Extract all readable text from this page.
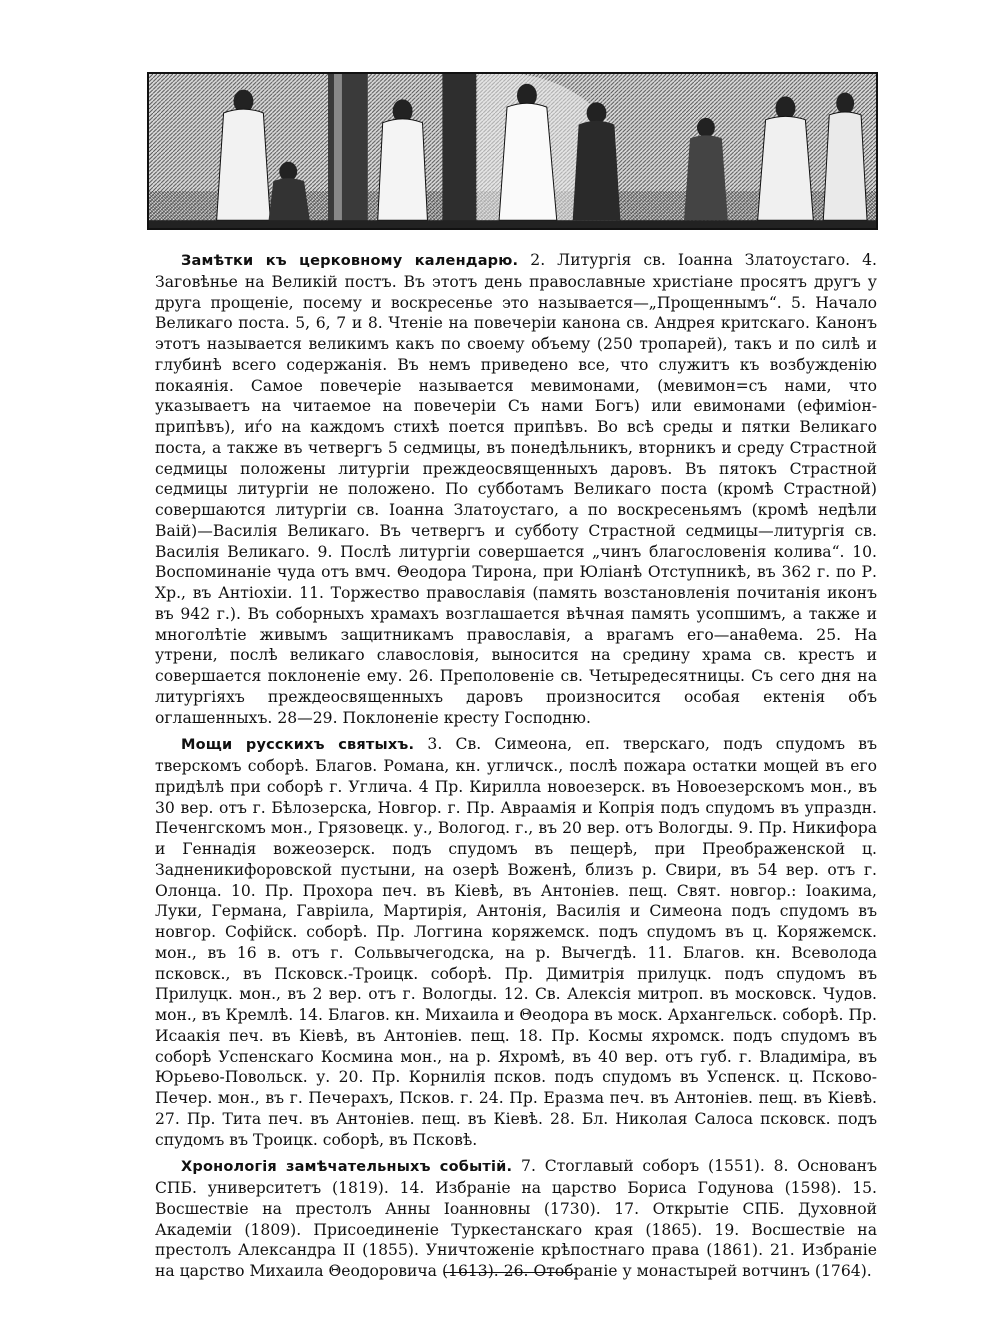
Замѣтки къ церковному календарю. 2. Литургія св. Іоанна Златоустаго. 4. Заговѣнье на Великій постъ. Въ этотъ день православные христіане просятъ другъ у друга прощеніе, посему и воскресенье это называется—„Прощеннымъ“. 5. Начало Великаго поста. 5, 6, 7 и 8. Чтеніе на повечеріи канона св. Андрея критскаго. Канонъ этотъ называется великимъ какъ по своему объему (250 тропарей), такъ и по силѣ и глубинѣ всего содержанія. Въ немъ приведено все, что служитъ къ возбужденію покаянія. Самое повечеріе называется мевимонами, (мевимон=съ нами, что указываетъ на читаемое на повечеріи Съ нами Богъ) или евимонами (ефиміон-припѣвъ), иѓо на каждомъ стихѣ поется припѣвъ. Во всѣ среды и пятки Великаго поста, а также въ четвергъ 5 седмицы, въ понедѣльникъ, вторникъ и среду Страстной седмицы положены литургіи преждеосвященныхъ даровъ. Въ пятокъ Страстной седмицы литургіи не положено. По субботамъ Великаго поста (кромѣ Страстной) совершаются литургіи св. Іоанна Златоустаго, а по воскресеньямъ (кромѣ недѣли Ваій)—Василія Великаго. Въ четвергъ и субботу Страстной седмицы—литургія св. Василія Великаго. 9. Послѣ литургіи совершается „чинъ благословенія колива“. 10. Воспоминаніе чуда отъ вмч. Θеодора Тирона, при Юліанѣ Отступникѣ, въ 362 г. по Р. Хр., въ Антіохіи. 11. Торжество православія (память возстановленія почитанія иконъ въ 942 г.). Въ соборныхъ храмахъ возглашается вѣчная память усопшимъ, а также и многолѣтіе живымъ защитникамъ православія, а врагамъ его—анаθема. 25. На утрени, послѣ великаго славословія, выносится на средину храма св. крестъ и совершается поклоненіе ему. 26. Преполовеніе св. Четыредесятницы. Съ сего дня на литургіяхъ преждеосвященныхъ даровъ произносится особая ектенія объ оглашенныхъ. 28—29. Поклоненіе кресту Господню.

Мощи русскихъ святыхъ. 3. Св. Симеона, еп. тверскаго, подъ спудомъ въ тверскомъ соборѣ. Благов. Романа, кн. угличск., послѣ пожара остатки мощей въ его придѣлѣ при соборѣ г. Углича. 4 Пр. Кирилла новоезерск. въ Новоезерскомъ мон., въ 30 вер. отъ г. Бѣлозерска, Новгор. г. Пр. Авраамія и Копрія подъ спудомъ въ упраздн. Печенгскомъ мон., Грязовецк. у., Вологод. г., въ 20 вер. отъ Вологды. 9. Пр. Никифора и Геннадія вожеозерск. подъ спудомъ въ пещерѣ, при Преображенской ц. Задненикифоровской пустыни, на озерѣ Воженѣ, близъ р. Свири, въ 54 вер. отъ г. Олонца. 10. Пр. Прохора печ. въ Кіевѣ, въ Антоніев. пещ. Свят. новгор.: Іоакима, Луки, Германа, Гавріила, Мартирія, Антонія, Василія и Симеона подъ спудомъ въ новгор. Софійск. соборѣ. Пр. Логгина коряжемск. подъ спудомъ въ ц. Коряжемск. мон., въ 16 в. отъ г. Сольвычегодска, на р. Вычегдѣ. 11. Благов. кн. Всеволода псковск., въ Псковск.-Троицк. соборѣ. Пр. Димитрія прилуцк. подъ спудомъ въ Прилуцк. мон., въ 2 вер. отъ г. Вологды. 12. Св. Алексія митроп. въ московск. Чудов. мон., въ Кремлѣ. 14. Благов. кн. Михаила и Θеодора въ моск. Архангельск. соборѣ. Пр. Исаакія печ. въ Кіевѣ, въ Антоніев. пещ. 18. Пр. Космы яхромск. подъ спудомъ въ соборѣ Успенскаго Космина мон., на р. Яхромѣ, въ 40 вер. отъ губ. г. Владиміра, въ Юрьево-Повольск. у. 20. Пр. Корнилія псков. подъ спудомъ въ Успенск. ц. Псково-Печер. мон., въ г. Печерахъ, Псков. г. 24. Пр. Еразма печ. въ Антоніев. пещ. въ Кіевѣ. 27. Пр. Тита печ. въ Антоніев. пещ. въ Кіевѣ. 28. Бл. Николая Салоса псковск. подъ спудомъ въ Троицк. соборѣ, въ Псковѣ.

Хронологія замѣчательныхъ событій. 7. Стоглавый соборъ (1551). 8. Основанъ СПБ. университетъ (1819). 14. Избраніе на царство Бориса Годунова (1598). 15. Восшествіе на престолъ Анны Іоанновны (1730). 17. Открытіе СПБ. Духовной Академіи (1809). Присоединеніе Туркестанскаго края (1865). 19. Восшествіе на престолъ Александра II (1855). Уничтоженіе крѣпостнаго права (1861). 21. Избраніе на царство Михаила Θеодоровича (1613). 26. Отобраніе у монастырей вотчинъ (1764).
